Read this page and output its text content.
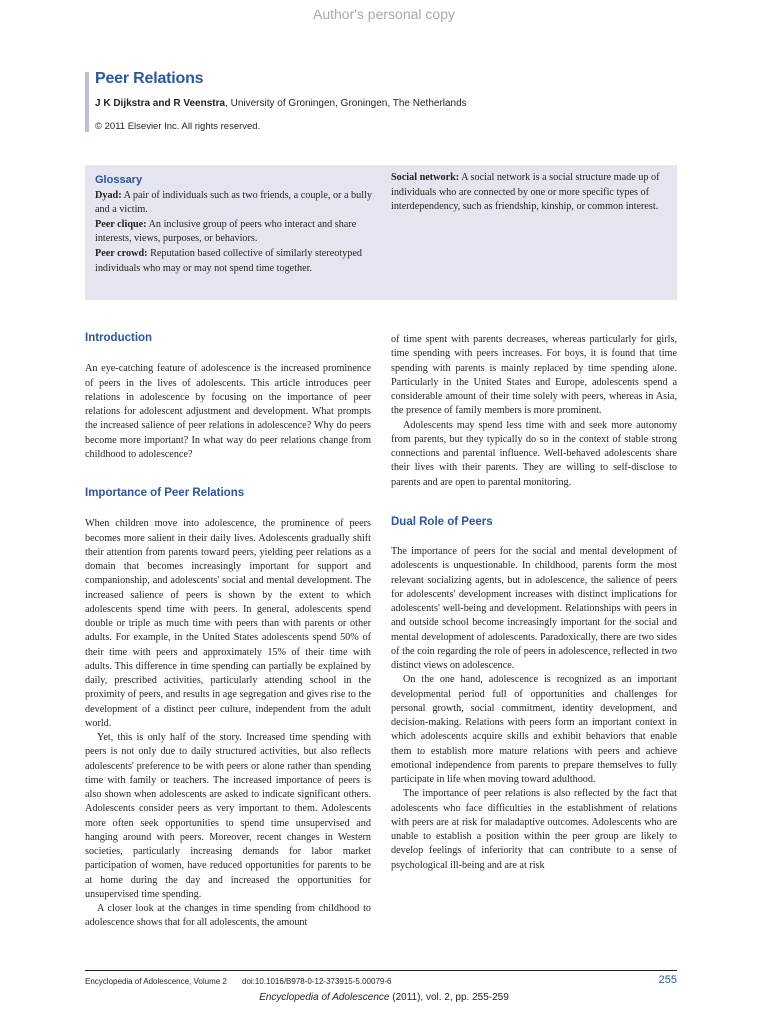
Author's personal copy
Peer Relations
J K Dijkstra and R Veenstra, University of Groningen, Groningen, The Netherlands
© 2011 Elsevier Inc. All rights reserved.
Glossary

Dyad: A pair of individuals such as two friends, a couple, or a bully and a victim.

Peer clique: An inclusive group of peers who interact and share interests, views, purposes, or behaviors.

Peer crowd: Reputation based collective of similarly stereotyped individuals who may or may not spend time together.

Social network: A social network is a social structure made up of individuals who are connected by one or more specific types of interdependency, such as friendship, kinship, or common interest.

Introduction

An eye-catching feature of adolescence is the increased prominence of peers in the lives of adolescents. This article introduces peer relations in adolescence by focusing on the importance of peer relations for adolescent adjustment and development. What prompts the increased salience of peer relations in adolescence? Why do peers become more important? In what way do peer relations change from childhood to adolescence?

Importance of Peer Relations

When children move into adolescence, the prominence of peers becomes more salient in their daily lives. Adolescents gradually shift their attention from parents toward peers, yielding peer relations as a domain that becomes increasingly important for support and companionship, and adolescents' social and mental development. The increased salience of peers is shown by the extent to which adolescents spend time with peers. In general, adolescents spend double or triple as much time with peers than with parents or other adults. For example, in the United States adolescents spend 50% of their time with peers and approximately 15% of their time with adults. This difference in time spending can partially be explained by daily, prescribed activities, particularly attending school in the proximity of peers, and results in age segregation and gives rise to the development of a distinct peer culture, independent from the adult world.

Yet, this is only half of the story. Increased time spending with peers is not only due to daily structured activities, but also reflects adolescents' preference to be with peers or alone rather than spending time with family or teachers. The increased importance of peers is also shown when adolescents are asked to indicate significant others. Adolescents consider peers as very important to them. Adolescents more often seek opportunities to spend time unsupervised and hanging around with peers. Moreover, recent changes in Western societies, particularly increasing demands for labor market participation of women, have reduced opportunities for parents to be at home during the day and increased the opportunities for unsupervised time spending.

A closer look at the changes in time spending from childhood to adolescence shows that for all adolescents, the amount

of time spent with parents decreases, whereas particularly for girls, time spending with peers increases. For boys, it is found that time spending with parents is mainly replaced by time spending alone. Particularly in the United States and Europe, adolescents spend a considerable amount of their time solely with peers, whereas in Asia, the presence of family members is more prominent.

Adolescents may spend less time with and seek more autonomy from parents, but they typically do so in the context of stable strong connections and parental influence. Well-behaved adolescents share their lives with their parents. They are willing to self-disclose to parents and are open to parental monitoring.

Dual Role of Peers

The importance of peers for the social and mental development of adolescents is unquestionable. In childhood, parents form the most relevant socializing agents, but in adolescence, the salience of peers for adolescents' development increases with distinct implications for adolescents' well-being and development. Relationships with peers in and outside school become increasingly important for the social and mental development of adolescents. Paradoxically, there are two sides of the coin regarding the role of peers in adolescence, reflected in two distinct views on adolescence.

On the one hand, adolescence is recognized as an important developmental period full of opportunities and challenges for personal growth, social commitment, identity development, and decision-making. Relations with peers form an important context in which adolescents acquire skills and exhibit behaviors that enable them to establish more mature relations with peers and achieve emotional independence from parents to prepare themselves to fully participate in life when moving toward adulthood.

The importance of peer relations is also reflected by the fact that adolescents who face difficulties in the establishment of relations with peers are at risk for maladaptive outcomes. Adolescents who are unable to establish a position within the peer group are likely to develop feelings of inferiority that can contribute to a sense of psychological ill-being and are at risk

Encyclopedia of Adolescence, Volume 2 doi:10.1016/B978-0-12-373915-5.00079-6	255
Encyclopedia of Adolescence (2011), vol. 2, pp. 255-259
